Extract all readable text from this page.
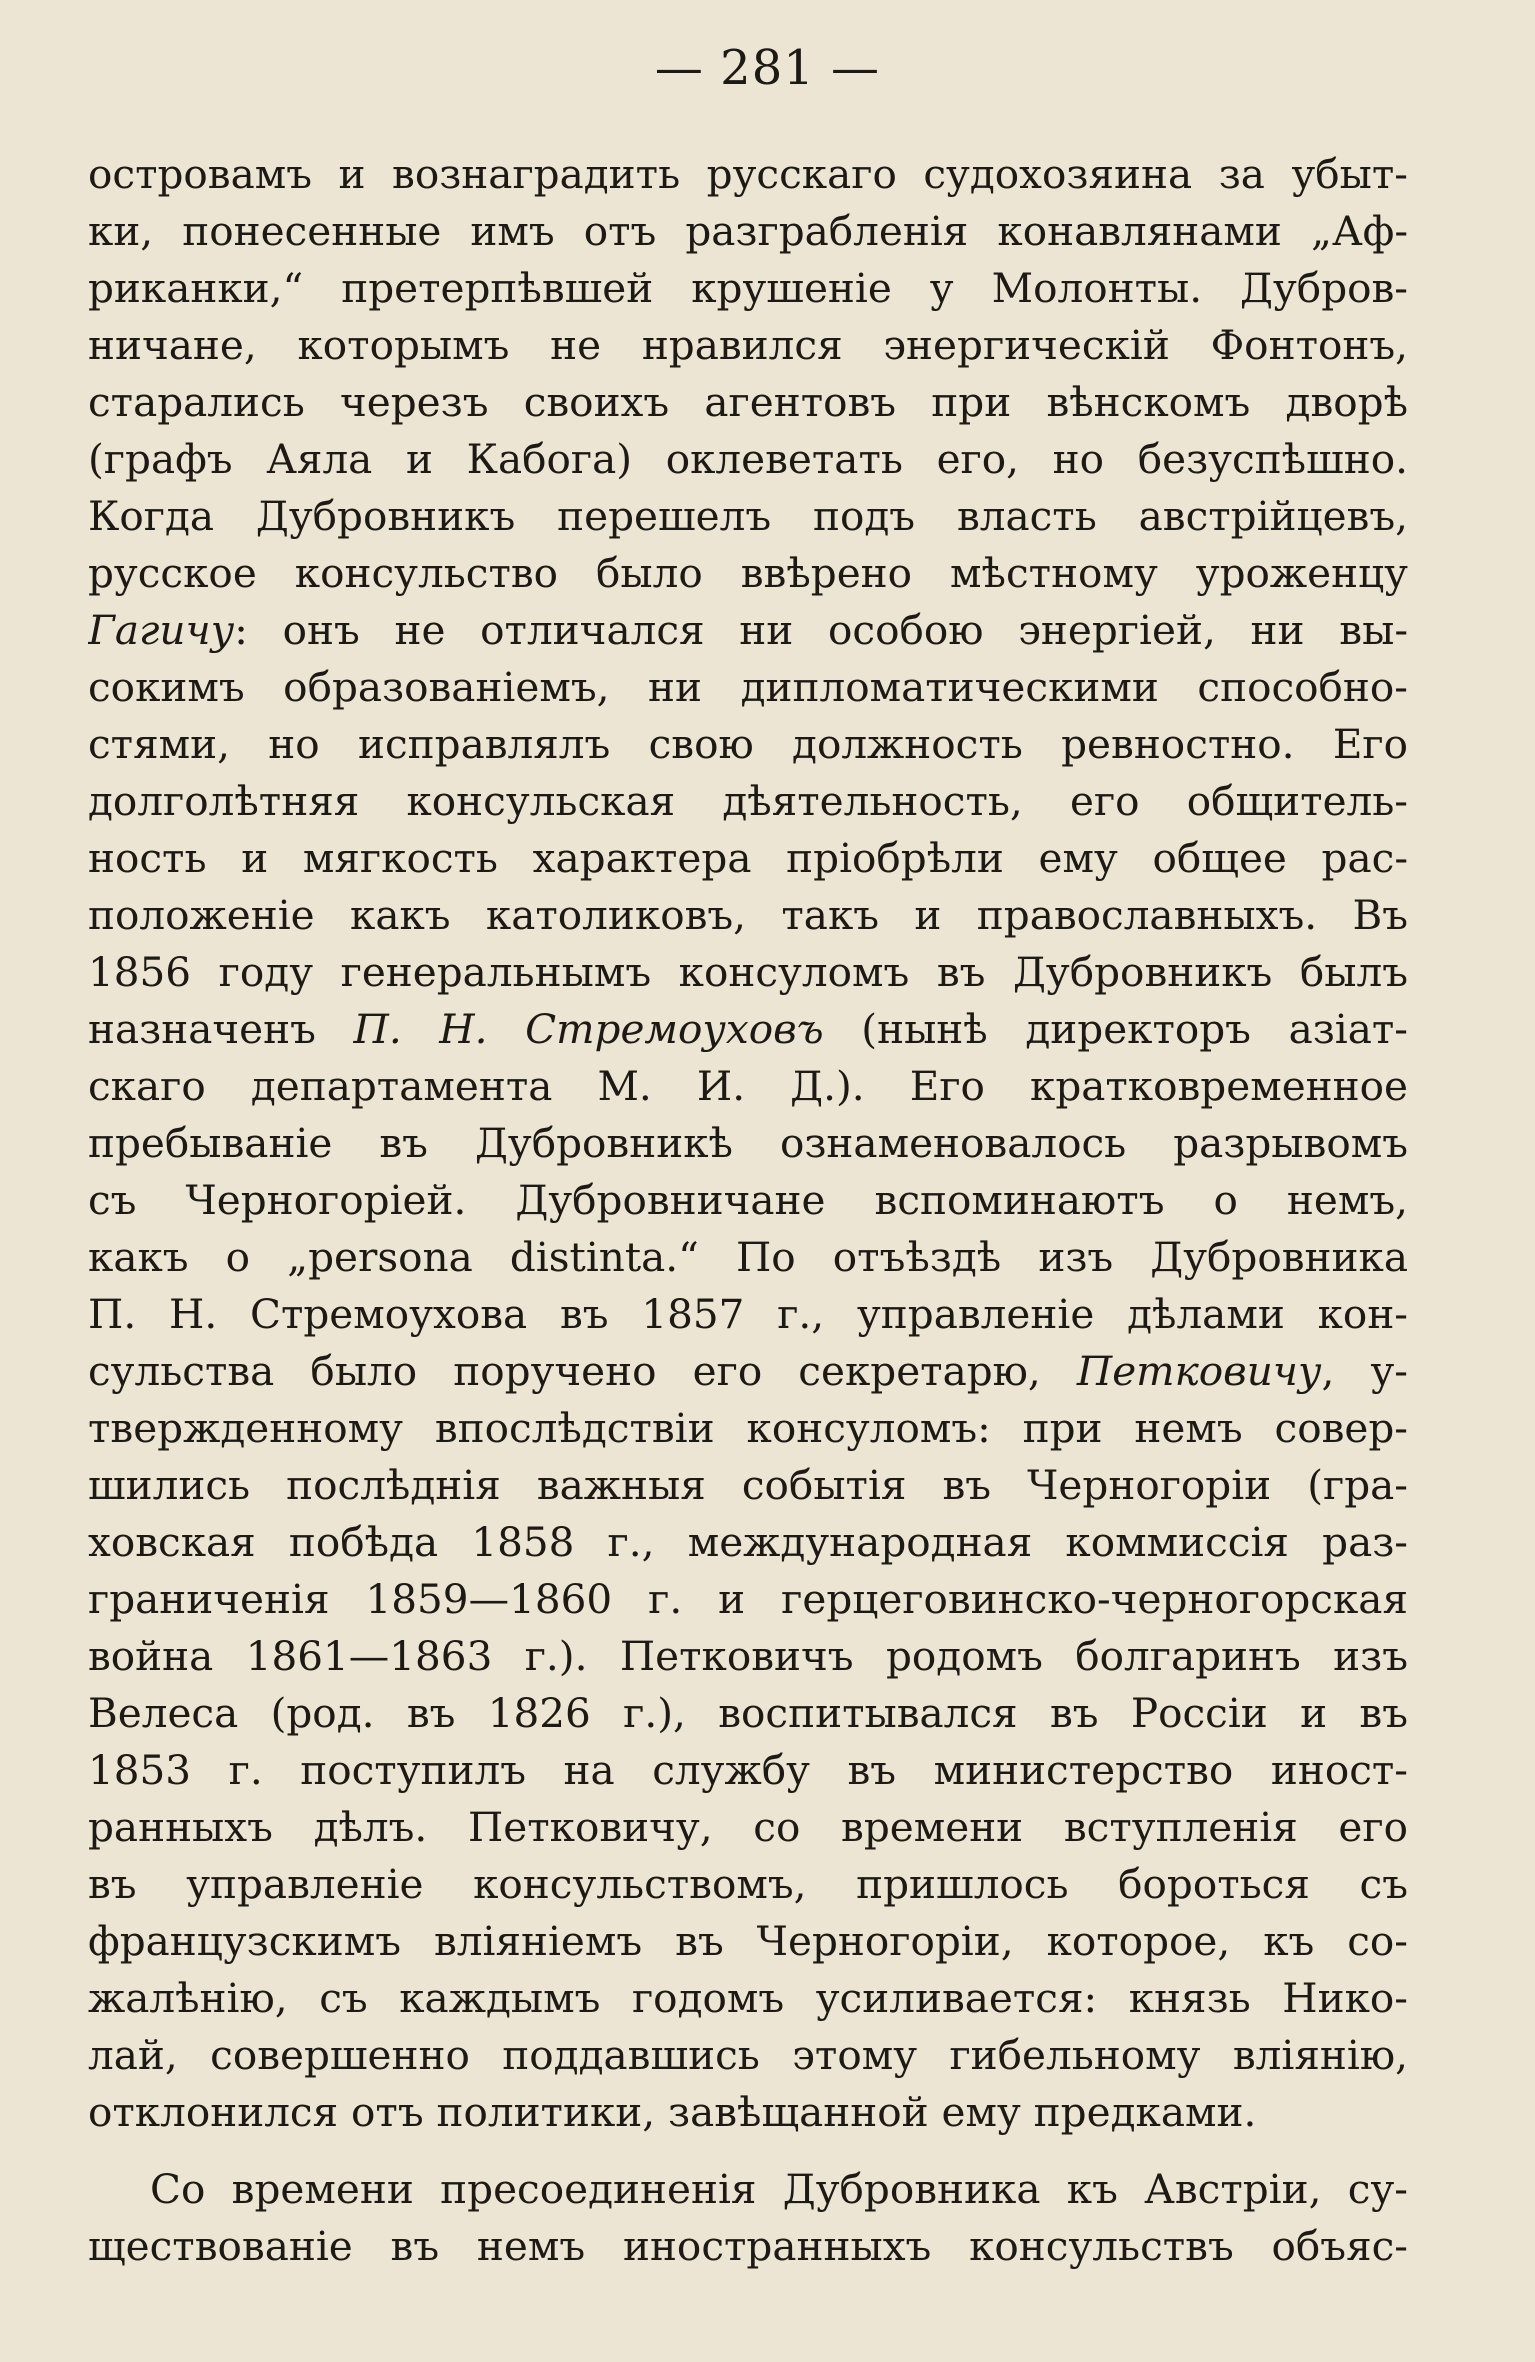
— 281 —
островамъ и вознаградить русскаго судохозяина за убыт-
ки, понесенные имъ отъ разграбленія конавлянами „Аф-
риканки,“ претерпѣвшей крушеніе у Молонты. Дубров-
ничане, которымъ не нравился энергическій Фонтонъ,
старались черезъ своихъ агентовъ при вѣнскомъ дворѣ
(графъ Аяла и Кабога) оклеветать его, но безуспѣшно.
Когда Дубровникъ перешелъ подъ власть австрійцевъ,
русское консульство было ввѣрено мѣстному уроженцу
Гагичу: онъ не отличался ни особою энергіей, ни вы-
сокимъ образованіемъ, ни дипломатическими способно-
стями, но исправлялъ свою должность ревностно. Его
долголѣтняя консульская дѣятельность, его общитель-
ность и мягкость характера пріобрѣли ему общее рас-
положеніе какъ католиковъ, такъ и православныхъ. Въ
1856 году генеральнымъ консуломъ въ Дубровникъ былъ
назначенъ П. Н. Стремоуховъ (нынѣ директоръ азіат-
скаго департамента М. И. Д.). Его кратковременное
пребываніе въ Дубровникѣ ознаменовалось разрывомъ
съ Черногоріей. Дубровничане вспоминаютъ о немъ,
какъ о „persona distinta.“ По отъѣздѣ изъ Дубровника
П. Н. Стремоухова въ 1857 г., управленіе дѣлами кон-
сульства было поручено его секретарю, Петковичу, у-
твержденному впослѣдствіи консуломъ: при немъ совер-
шились послѣднія важныя событія въ Черногоріи (гра-
ховская побѣда 1858 г., международная коммиссія раз-
граниченія 1859—1860 г. и герцеговинско-черногорская
война 1861—1863 г.). Петковичъ родомъ болгаринъ изъ
Велеса (род. въ 1826 г.), воспитывался въ Россіи и въ
1853 г. поступилъ на службу въ министерство иност-
ранныхъ дѣлъ. Петковичу, со времени вступленія его
въ управленіе консульствомъ, пришлось бороться съ
французскимъ вліяніемъ въ Черногоріи, которое, къ со-
жалѣнію, съ каждымъ годомъ усиливается: князь Нико-
лай, совершенно поддавшись этому гибельному вліянію,
отклонился отъ политики, завѣщанной ему предками.
Со времени пресоединенія Дубровника къ Австріи, су-
ществованіе въ немъ иностранныхъ консульствъ объяс-
